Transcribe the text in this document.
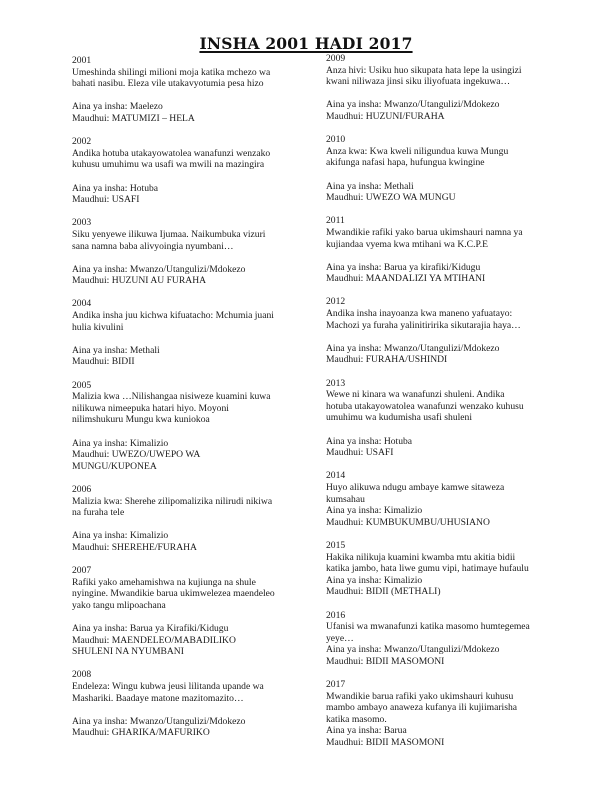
INSHA 2001 HADI 2017
2001
Umeshinda shilingi milioni moja katika mchezo wa
bahati nasibu. Eleza vile utakavyotumia pesa hizo
Aina ya insha: Maelezo
Maudhui: MATUMIZI – HELA
2002
Andika hotuba utakayowatolea wanafunzi wenzako
kuhusu umuhimu wa usafi wa mwili na mazingira
Aina ya insha: Hotuba
Maudhui: USAFI
2003
Siku yenyewe ilikuwa Ijumaa. Naikumbuka vizuri
sana namna baba alivyoingia nyumbani…
Aina ya insha: Mwanzo/Utangulizi/Mdokezo
Maudhui: HUZUNI AU FURAHA
2004
Andika insha juu kichwa kifuatacho: Mchumia juani
hulia kivulini
Aina ya insha: Methali
Maudhui: BIDII
2005
Malizia kwa …Nilishangaa nisiweze kuamini kuwa
nilikuwa nimeepuka hatari hiyo. Moyoni
nilimshukuru Mungu kwa kuniokoa
Aina ya insha: Kimalizio
Maudhui: UWEZO/UWEPO WA
MUNGU/KUPONEA
2006
Malizia kwa: Sherehe zilipomalizika nilirudi nikiwa
na furaha tele
Aina ya insha: Kimalizio
Maudhui: SHEREHE/FURAHA
2007
Rafiki yako amehamishwa na kujiunga na shule
nyingine. Mwandikie barua ukimwelezea maendeleo
yako tangu mlipoachana
Aina ya insha: Barua ya Kirafiki/Kidugu
Maudhui: MAENDELEO/MABADILIKO
SHULENI NA NYUMBANI
2008
Endeleza: Wingu kubwa jeusi lilitanda upande wa
Mashariki. Baadaye matone mazitomazito…
Aina ya insha: Mwanzo/Utangulizi/Mdokezo
Maudhui: GHARIKA/MAFURIKO
2009
Anza hivi: Usiku huo sikupata hata lepe la usingizi
kwani niliwaza jinsi siku iliyofuata ingekuwa…
Aina ya insha: Mwanzo/Utangulizi/Mdokezo
Maudhui: HUZUNI/FURAHA
2010
Anza kwa: Kwa kweli niligundua kuwa Mungu
akifunga nafasi hapa, hufungua kwingine
Aina ya insha: Methali
Maudhui: UWEZO WA MUNGU
2011
Mwandikie rafiki yako barua ukimshauri namna ya
kujiandaa vyema kwa mtihani wa K.C.P.E
Aina ya insha: Barua ya kirafiki/Kidugu
Maudhui: MAANDALIZI YA MTIHANI
2012
Andika insha inayoanza kwa maneno yafuatayo:
Machozi ya furaha yalinitiririka sikutarajia haya…
Aina ya insha: Mwanzo/Utangulizi/Mdokezo
Maudhui: FURAHA/USHINDI
2013
Wewe ni kinara wa wanafunzi shuleni. Andika
hotuba utakayowatolea wanafunzi wenzako kuhusu
umuhimu wa kudumisha usafi shuleni
Aina ya insha: Hotuba
Maudhui: USAFI
2014
Huyo alikuwa ndugu ambaye kamwe sitaweza
kumsahau
Aina ya insha: Kimalizio
Maudhui: KUMBUKUMBU/UHUSIANO
2015
Hakika nilikuja kuamini kwamba mtu akitia bidii
katika jambo, hata liwe gumu vipi, hatimaye hufaulu
Aina ya insha: Kimalizio
Maudhui: BIDII (METHALI)
2016
Ufanisi wa mwanafunzi katika masomo humtegemea
yeye…
Aina ya insha: Mwanzo/Utangulizi/Mdokezo
Maudhui: BIDII MASOMONI
2017
Mwandikie barua rafiki yako ukimshauri kuhusu
mambo ambayo anaweza kufanya ili kujiimarisha
katika masomo.
Aina ya insha: Barua
Maudhui: BIDII MASOMONI
